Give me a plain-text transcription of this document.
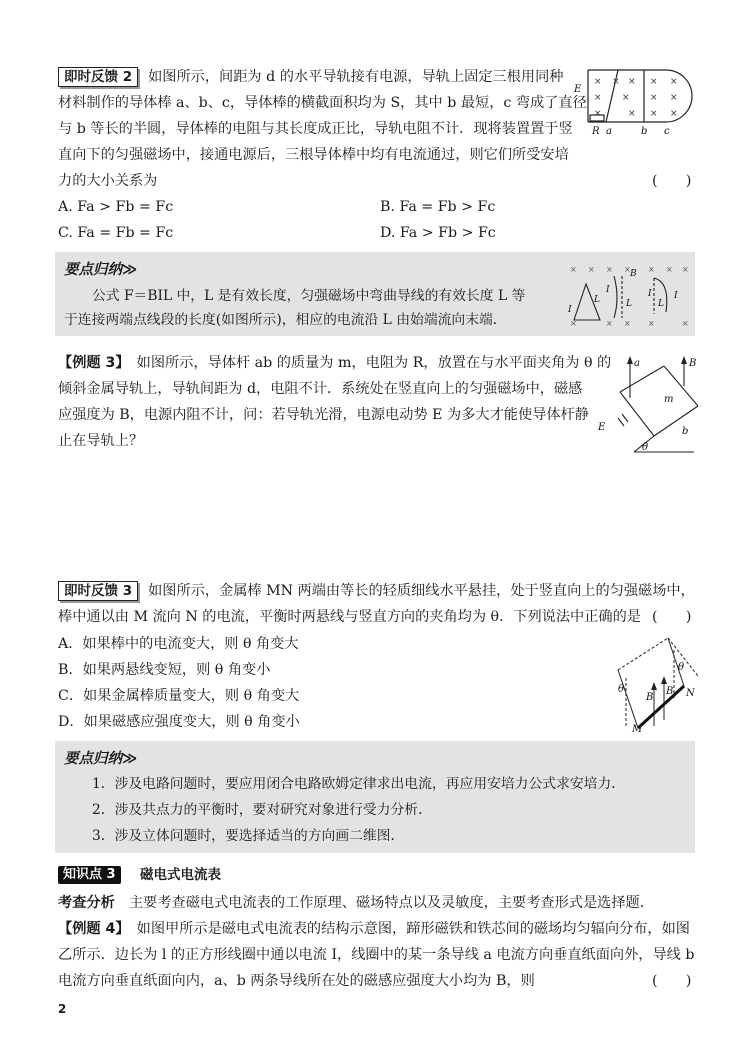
即时反馈 2 如图所示，间距为 d 的水平导轨接有电源，导轨上固定三根用同种
材料制作的导体棒 a、b、c，导体棒的横截面积均为 S，其中 b 最短，c 弯成了直径
与 b 等长的半圆，导体棒的电阻与其长度成正比，导轨电阻不计．现将装置置于竖
直向下的匀强磁场中，接通电源后，三根导体棒中均有电流通过，则它们所受安培
力的大小关系为	(　　)
A. Fa > Fb = Fc	B. Fa = Fb > Fc
C. Fa = Fb = Fc	D. Fa > Fb > Fc
× × × × ×
× × × ×
×	× × ×
E
R a	b c
要点归纳≫
公式 F＝BIL 中，L 是有效长度，匀强磁场中弯曲导线的有效长度 L 等
于连接两端点线段的长度(如图所示)，相应的电流沿 L 由始端流向末端．
× × × × × × ×
×	× × ×	×
I
L
I
L
B
I
L
I
【例题 3】　 如图所示，导体杆 ab 的质量为 m，电阻为 R，放置在与水平面夹角为 θ 的
倾斜金属导轨上，导轨间距为 d，电阻不计．系统处在竖直向上的匀强磁场中，磁感
应强度为 B，电源内阻不计，问：若导轨光滑，电源电动势 E 为多大才能使导体杆静
止在导轨上？
a	B
m
E
θ
b
即时反馈 3 如图所示，金属棒 MN 两端由等长的轻质细线水平悬挂，处于竖直向上的匀强磁场中，
棒中通以由 M 流向 N 的电流，平衡时两悬线与竖直方向的夹角均为 θ．下列说法中正确的是 (　　)
A．如果棒中的电流变大，则 θ 角变大
B．如果两悬线变短，则 θ 角变小
C．如果金属棒质量变大，则 θ 角变大
D．如果磁感应强度变大，则 θ 角变小
θ
θ
B
B N
M
要点归纳≫
1．涉及电路问题时，要应用闭合电路欧姆定律求出电流，再应用安培力公式求安培力．
2．涉及共点力的平衡时，要对研究对象进行受力分析．
3．涉及立体问题时，要选择适当的方向画二维图．
知识点 3	磁电式电流表
考查分析　 主要考查磁电式电流表的工作原理、磁场特点以及灵敏度，主要考查形式是选择题．
【例题 4】　 如图甲所示是磁电式电流表的结构示意图，蹄形磁铁和铁芯间的磁场均匀辐向分布，如图
乙所示．边长为 l 的正方形线圈中通以电流 I，线圈中的某一条导线 a 电流方向垂直纸面向外，导线 b
电流方向垂直纸面向内，a、b 两条导线所在处的磁感应强度大小均为 B，则	(　　)
2
